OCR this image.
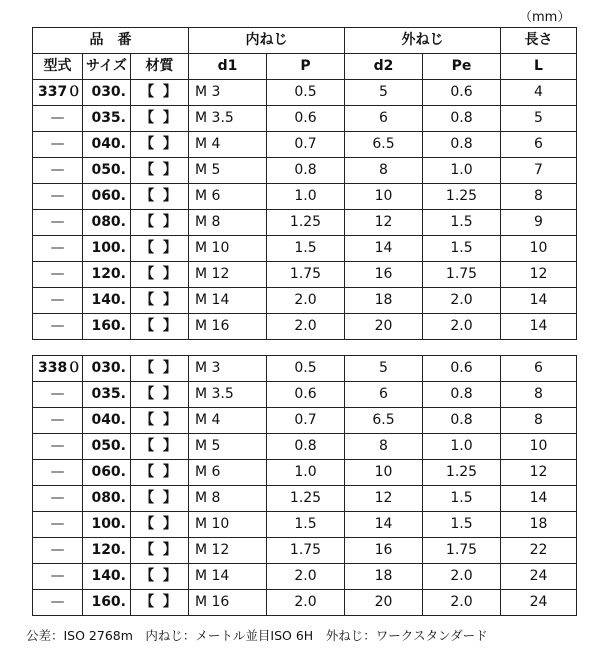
（mm）
品　番			内ねじ		外ねじ		長さ
型式	サイズ	材質	d1	P	d2	Pe	L
337０	030.	【 】	M 3	0.5	5	0.6	4
—	035.	【 】	M 3.5	0.6	6	0.8	5
—	040.	【 】	M 4	0.7	6.5	0.8	6
—	050.	【 】	M 5	0.8	8	1.0	7
—	060.	【 】	M 6	1.0	10	1.25	8
—	080.	【 】	M 8	1.25	12	1.5	9
—	100.	【 】	M 10	1.5	14	1.5	10
—	120.	【 】	M 12	1.75	16	1.75	12
—	140.	【 】	M 14	2.0	18	2.0	14
—	160.	【 】	M 16	2.0	20	2.0	14
338０	030.	【 】	M 3	0.5	5	0.6	6
—	035.	【 】	M 3.5	0.6	6	0.8	8
—	040.	【 】	M 4	0.7	6.5	0.8	8
—	050.	【 】	M 5	0.8	8	1.0	10
—	060.	【 】	M 6	1.0	10	1.25	12
—	080.	【 】	M 8	1.25	12	1.5	14
—	100.	【 】	M 10	1.5	14	1.5	18
—	120.	【 】	M 12	1.75	16	1.75	22
—	140.	【 】	M 14	2.0	18	2.0	24
—	160.	【 】	M 16	2.0	20	2.0	24
公差：ISO 2768m　内ねじ：メートル並目ISO 6H　外ねじ：ワークスタンダード
